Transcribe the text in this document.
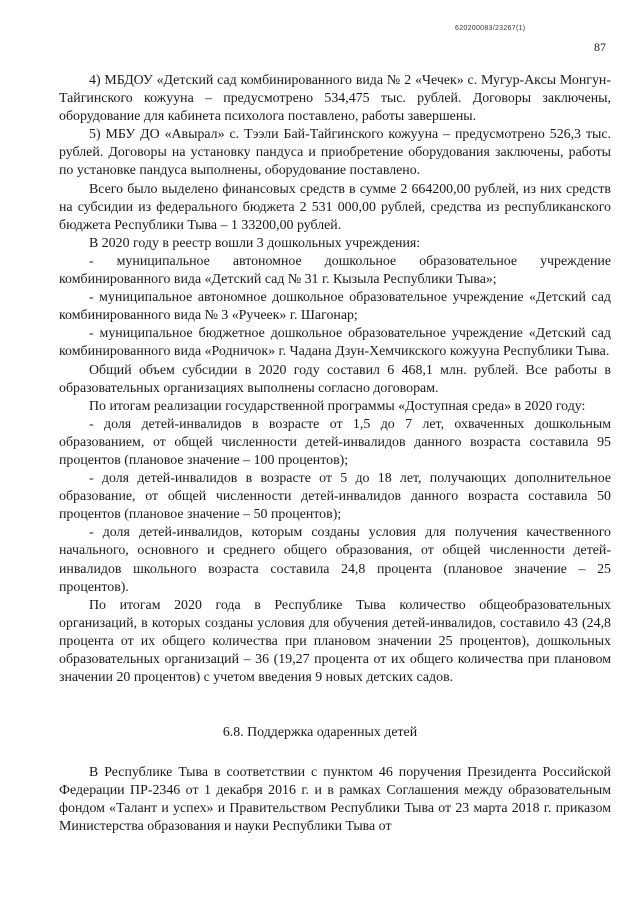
620200083/23267(1)
87

4) МБДОУ «Детский сад комбинированного вида № 2 «Чечек» с. Мугур-Аксы Монгун-Тайгинского кожууна – предусмотрено 534,475 тыс. рублей. Договоры заключены, оборудование для кабинета психолога поставлено, работы завершены.

5) МБУ ДО «Авырал» с. Тээли Бай-Тайгинского кожууна – предусмотрено 526,3 тыс. рублей. Договоры на установку пандуса и приобретение оборудования заключены, работы по установке пандуса выполнены, оборудование поставлено.

Всего было выделено финансовых средств в сумме 2 664200,00 рублей, из них средств на субсидии из федерального бюджета 2 531 000,00 рублей, средства из республиканского бюджета Республики Тыва – 1 33200,00 рублей.

В 2020 году в реестр вошли 3 дошкольных учреждения:

- муниципальное автономное дошкольное образовательное учреждение комбинированного вида «Детский сад № 31 г. Кызыла Республики Тыва»;

- муниципальное автономное дошкольное образовательное учреждение «Детский сад комбинированного вида № 3 «Ручеек» г. Шагонар;

- муниципальное бюджетное дошкольное образовательное учреждение «Детский сад комбинированного вида «Родничок» г. Чадана Дзун-Хемчикского кожууна Республики Тыва.

Общий объем субсидии в 2020 году составил 6 468,1 млн. рублей. Все работы в образовательных организациях выполнены согласно договорам.

По итогам реализации государственной программы «Доступная среда» в 2020 году:

- доля детей-инвалидов в возрасте от 1,5 до 7 лет, охваченных дошкольным образованием, от общей численности детей-инвалидов данного возраста составила 95 процентов (плановое значение – 100 процентов);

- доля детей-инвалидов в возрасте от 5 до 18 лет, получающих дополнительное образование, от общей численности детей-инвалидов данного возраста составила 50 процентов (плановое значение – 50 процентов);

- доля детей-инвалидов, которым созданы условия для получения качественного начального, основного и среднего общего образования, от общей численности детей-инвалидов школьного возраста составила 24,8 процента (плановое значение – 25 процентов).

По итогам 2020 года в Республике Тыва количество общеобразовательных организаций, в которых созданы условия для обучения детей-инвалидов, составило 43 (24,8 процента от их общего количества при плановом значении 25 процентов), дошкольных образовательных организаций – 36 (19,27 процента от их общего количества при плановом значении 20 процентов) с учетом введения 9 новых детских садов.

6.8. Поддержка одаренных детей

В Республике Тыва в соответствии с пунктом 46 поручения Президента Российской Федерации ПР-2346 от 1 декабря 2016 г. и в рамках Соглашения между образовательным фондом «Талант и успех» и Правительством Республики Тыва от 23 марта 2018 г. приказом Министерства образования и науки Республики Тыва от
